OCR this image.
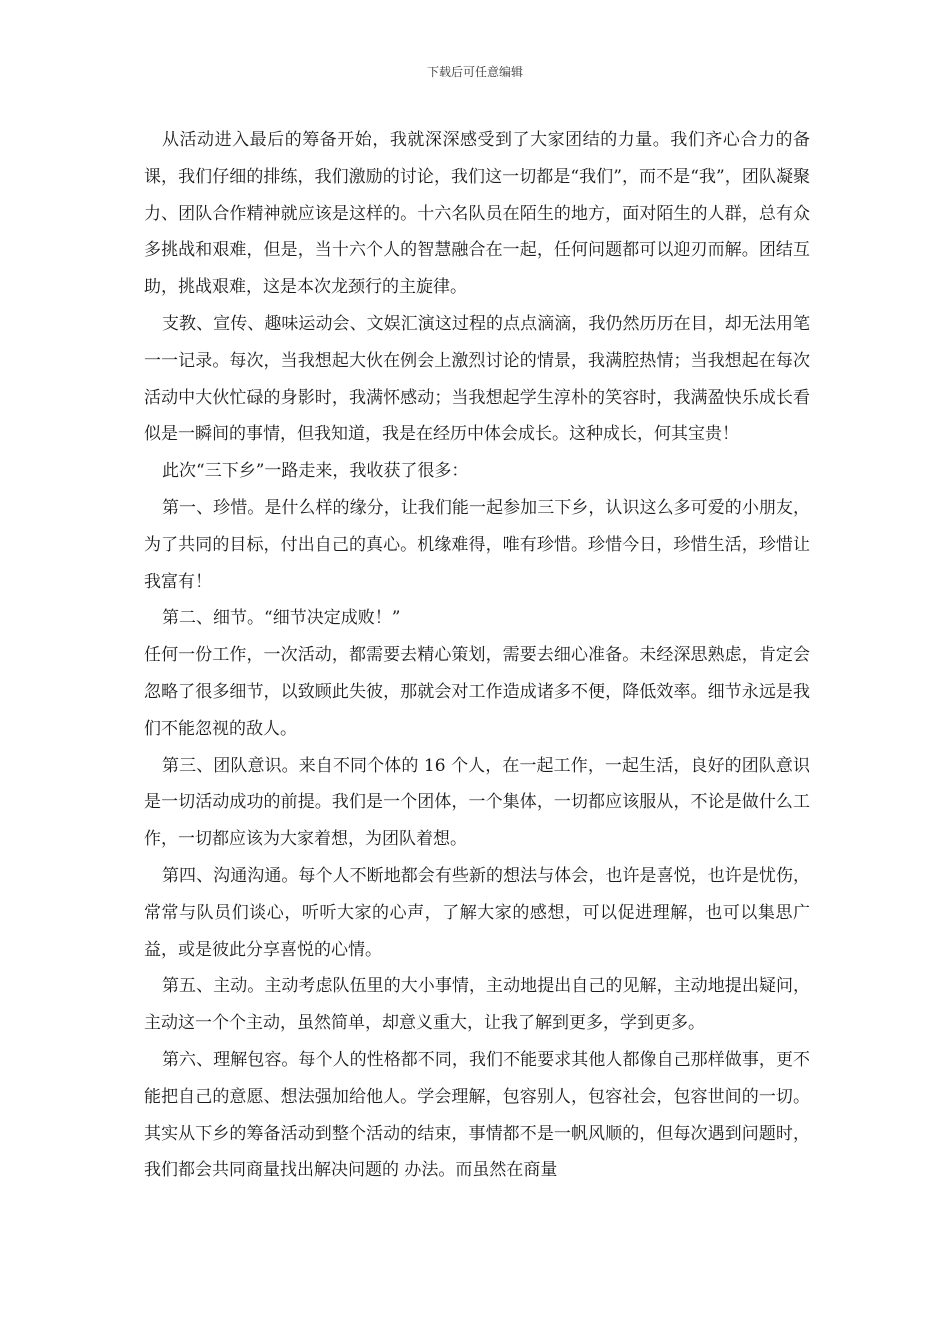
下载后可任意编辑

从活动进入最后的筹备开始，我就深深感受到了大家团结的力量。我们齐心合力的备课，我们仔细的排练，我们激励的讨论，我们这一切都是“我们”，而不是“我”，团队凝聚力、团队合作精神就应该是这样的。十六名队员在陌生的地方，面对陌生的人群，总有众多挑战和艰难，但是，当十六个人的智慧融合在一起，任何问题都可以迎刃而解。团结互助，挑战艰难，这是本次龙颈行的主旋律。

支教、宣传、趣味运动会、文娱汇演这过程的点点滴滴，我仍然历历在目，却无法用笔一一记录。每次，当我想起大伙在例会上激烈讨论的情景，我满腔热情；当我想起在每次活动中大伙忙碌的身影时，我满怀感动；当我想起学生淳朴的笑容时，我满盈快乐成长看似是一瞬间的事情，但我知道，我是在经历中体会成长。这种成长，何其宝贵！

此次“三下乡”一路走来，我收获了很多：

第一、珍惜。是什么样的缘分，让我们能一起参加三下乡，认识这么多可爱的小朋友，为了共同的目标，付出自己的真心。机缘难得，唯有珍惜。珍惜今日，珍惜生活，珍惜让我富有！

第二、细节。“细节决定成败！”

任何一份工作，一次活动，都需要去精心策划，需要去细心准备。未经深思熟虑，肯定会忽略了很多细节，以致顾此失彼，那就会对工作造成诸多不便，降低效率。细节永远是我们不能忽视的敌人。

第三、团队意识。来自不同个体的 16 个人，在一起工作，一起生活，良好的团队意识是一切活动成功的前提。我们是一个团体，一个集体，一切都应该服从，不论是做什么工作，一切都应该为大家着想，为团队着想。

第四、沟通沟通。每个人不断地都会有些新的想法与体会，也许是喜悦，也许是忧伤，常常与队员们谈心，听听大家的心声，了解大家的感想，可以促进理解，也可以集思广益，或是彼此分享喜悦的心情。

第五、主动。主动考虑队伍里的大小事情，主动地提出自己的见解，主动地提出疑问，主动这一个个主动，虽然简单，却意义重大，让我了解到更多，学到更多。

第六、理解包容。每个人的性格都不同，我们不能要求其他人都像自己那样做事，更不能把自己的意愿、想法强加给他人。学会理解，包容别人，包容社会，包容世间的一切。其实从下乡的筹备活动到整个活动的结束，事情都不是一帆风顺的，但每次遇到问题时，我们都会共同商量找出解决问题的 办法。而虽然在商量
